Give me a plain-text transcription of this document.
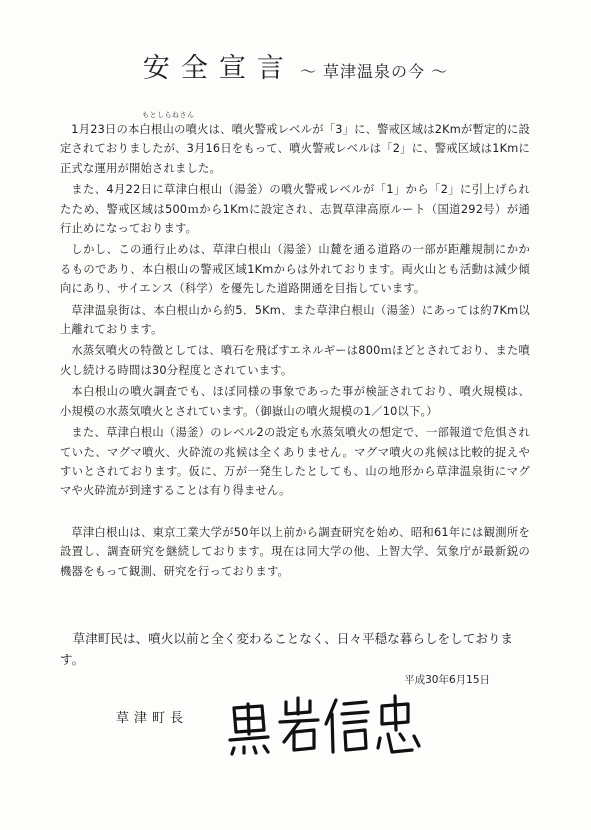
安全宣言 ～ 草津温泉の今 ～
もとしらねさん

1月23日の本白根山の噴火は、噴火警戒レベルが「3」に、警戒区域は2Kmが暫定的に設定されておりましたが、3月16日をもって、噴火警戒レベルは「2」に、警戒区域は1Kmに正式な運用が開始されました。

また、4月22日に草津白根山（湯釜）の噴火警戒レベルが「1」から「2」に引上げられたため、警戒区域は500ｍから1Kmに設定され、志賀草津高原ルート（国道292号）が通行止めになっております。

しかし、この通行止めは、草津白根山（湯釜）山麓を通る道路の一部が距離規制にかかるものであり、本白根山の警戒区域1Kmからは外れております。両火山とも活動は減少傾向にあり、サイエンス（科学）を優先した道路開通を目指しています。

草津温泉街は、本白根山から約5．5Km、また草津白根山（湯釜）にあっては約7Km以上離れております。

水蒸気噴火の特徴としては、噴石を飛ばすエネルギーは800ｍほどとされており、また噴火し続ける時間は30分程度とされています。

本白根山の噴火調査でも、ほぼ同様の事象であった事が検証されており、噴火規模は、小規模の水蒸気噴火とされています。（御嶽山の噴火規模の1／10以下。）

また、草津白根山（湯釜）のレベル2の設定も水蒸気噴火の想定で、一部報道で危惧されていた、マグマ噴火、火砕流の兆候は全くありません。マグマ噴火の兆候は比較的捉えやすいとされております。仮に、万が一発生したとしても、山の地形から草津温泉街にマグマや火砕流が到達することは有り得ません。

草津白根山は、東京工業大学が50年以上前から調査研究を始め、昭和61年には観測所を設置し、調査研究を継続しております。現在は同大学の他、上智大学、気象庁が最新鋭の機器をもって観測、研究を行っております。

草津町民は、噴火以前と全く変わることなく、日々平穏な暮らしをしております。
平成30年6月15日
草津町長
